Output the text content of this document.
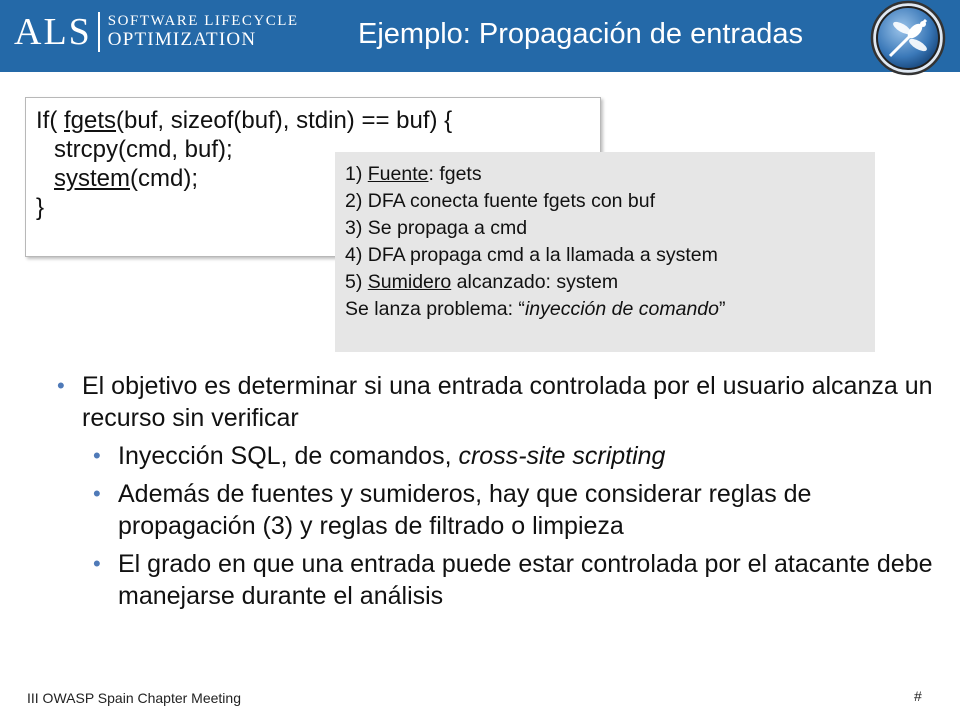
ALS SOFTWARE LIFECYCLE
OPTIMIZATION	Ejemplo: Propagación de entradas
If( fgets(buf, sizeof(buf), stdin) == buf) {
strcpy(cmd, buf);
system(cmd);
}
1) Fuente: fgets
2) DFA conecta fuente fgets con buf
3) Se propaga a cmd
4) DFA propaga cmd a la llamada a system
5) Sumidero alcanzado: system
Se lanza problema: “inyección de comando”
• El objetivo es determinar si una entrada controlada por el usuario alcanza un recurso sin verificar
• Inyección SQL, de comandos, cross-site scripting
• Además de fuentes y sumideros, hay que considerar reglas de propagación (3) y reglas de filtrado o limpieza
• El grado en que una entrada puede estar controlada por el atacante debe manejarse durante el análisis
III OWASP Spain Chapter Meeting	#
